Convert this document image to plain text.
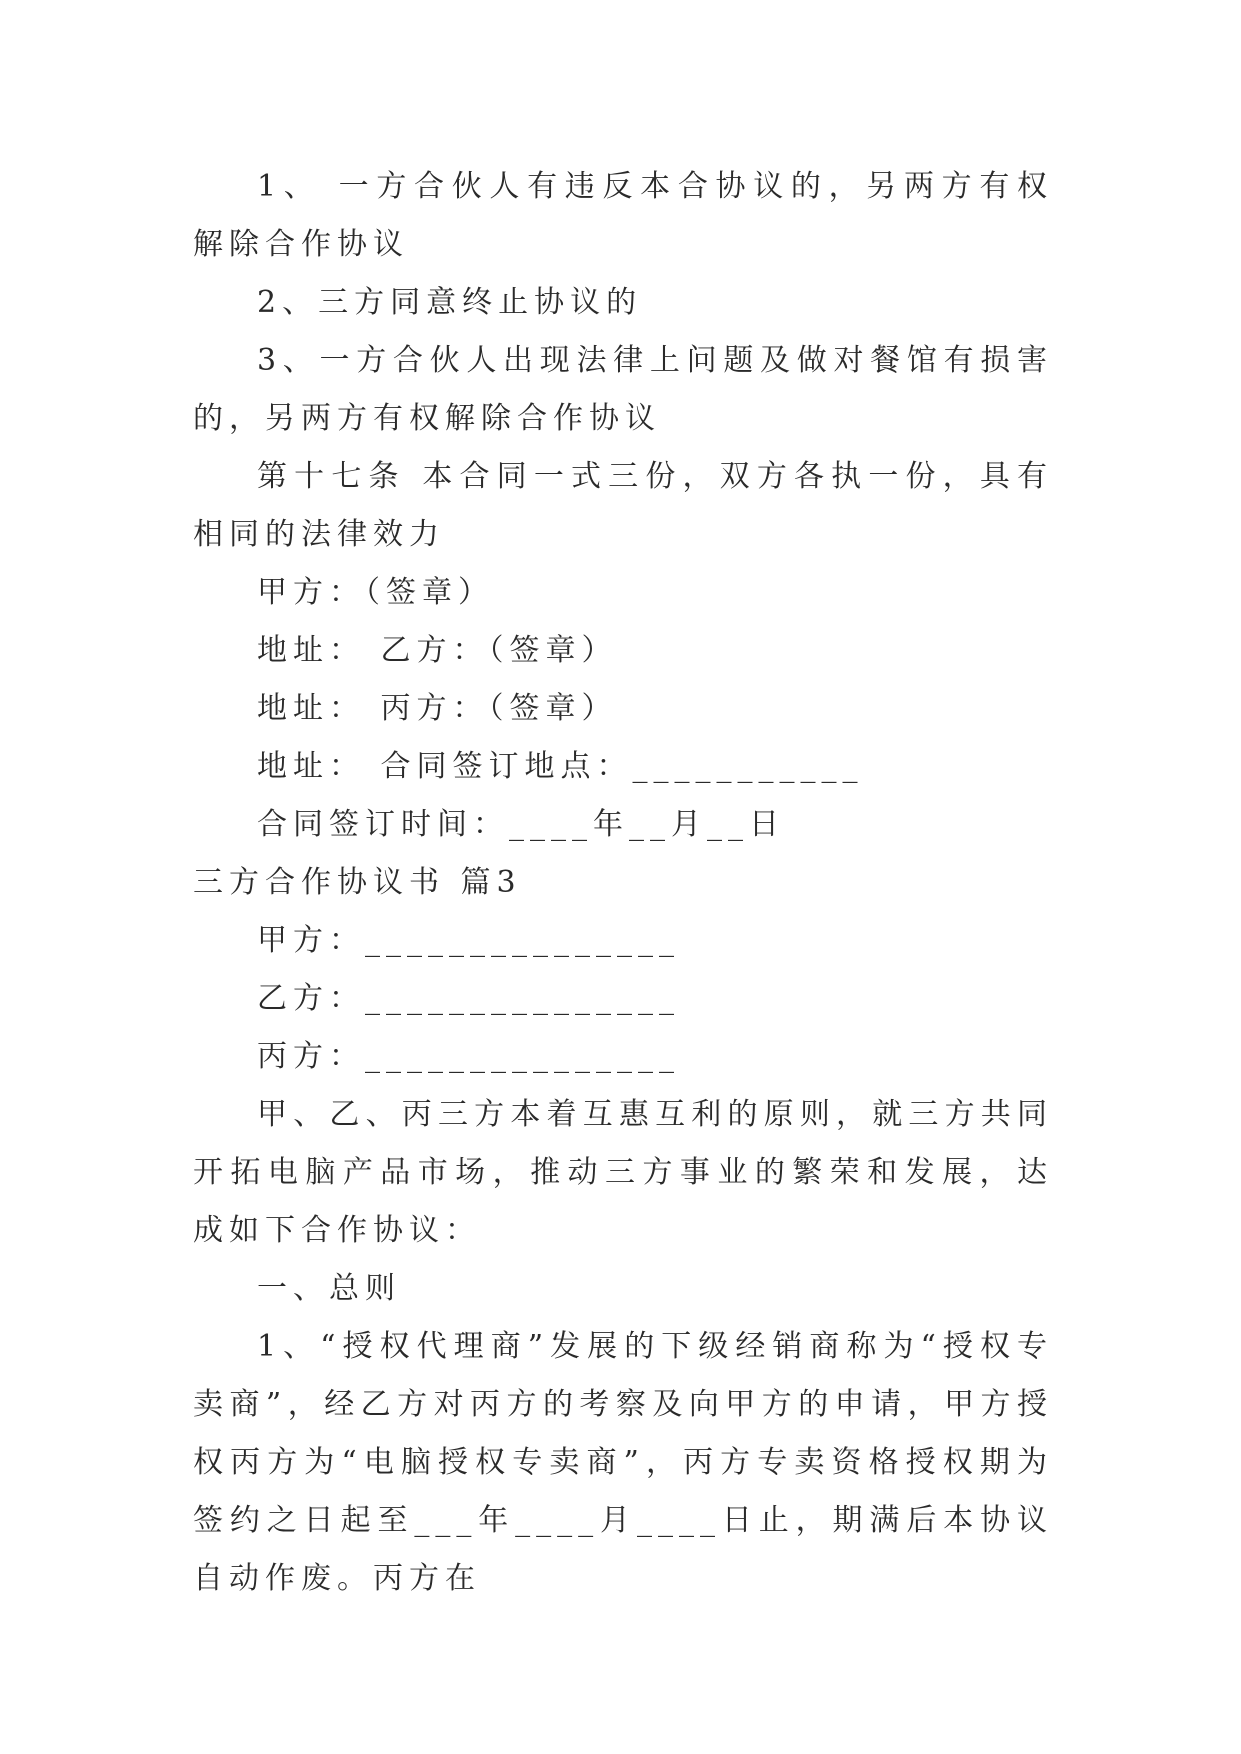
1、 一方合伙人有违反本合协议的，另两方有权解除合作协议

2、三方同意终止协议的

3、一方合伙人出现法律上问题及做对餐馆有损害的，另两方有权解除合作协议

第十七条 本合同一式三份，双方各执一份，具有相同的法律效力

甲方：（签章）

地址： 乙方：（签章）

地址： 丙方：（签章）

地址： 合同签订地点：___________

合同签订时间：____年__月__日

三方合作协议书 篇3

甲方：_______________

乙方：_______________

丙方：_______________

甲、乙、丙三方本着互惠互利的原则，就三方共同开拓电脑产品市场，推动三方事业的繁荣和发展，达成如下合作协议：

一、总则

1、“授权代理商”发展的下级经销商称为“授权专卖商”，经乙方对丙方的考察及向甲方的申请，甲方授权丙方为“电脑授权专卖商”，丙方专卖资格授权期为签约之日起至___年____月____日止，期满后本协议自动作废。丙方在
